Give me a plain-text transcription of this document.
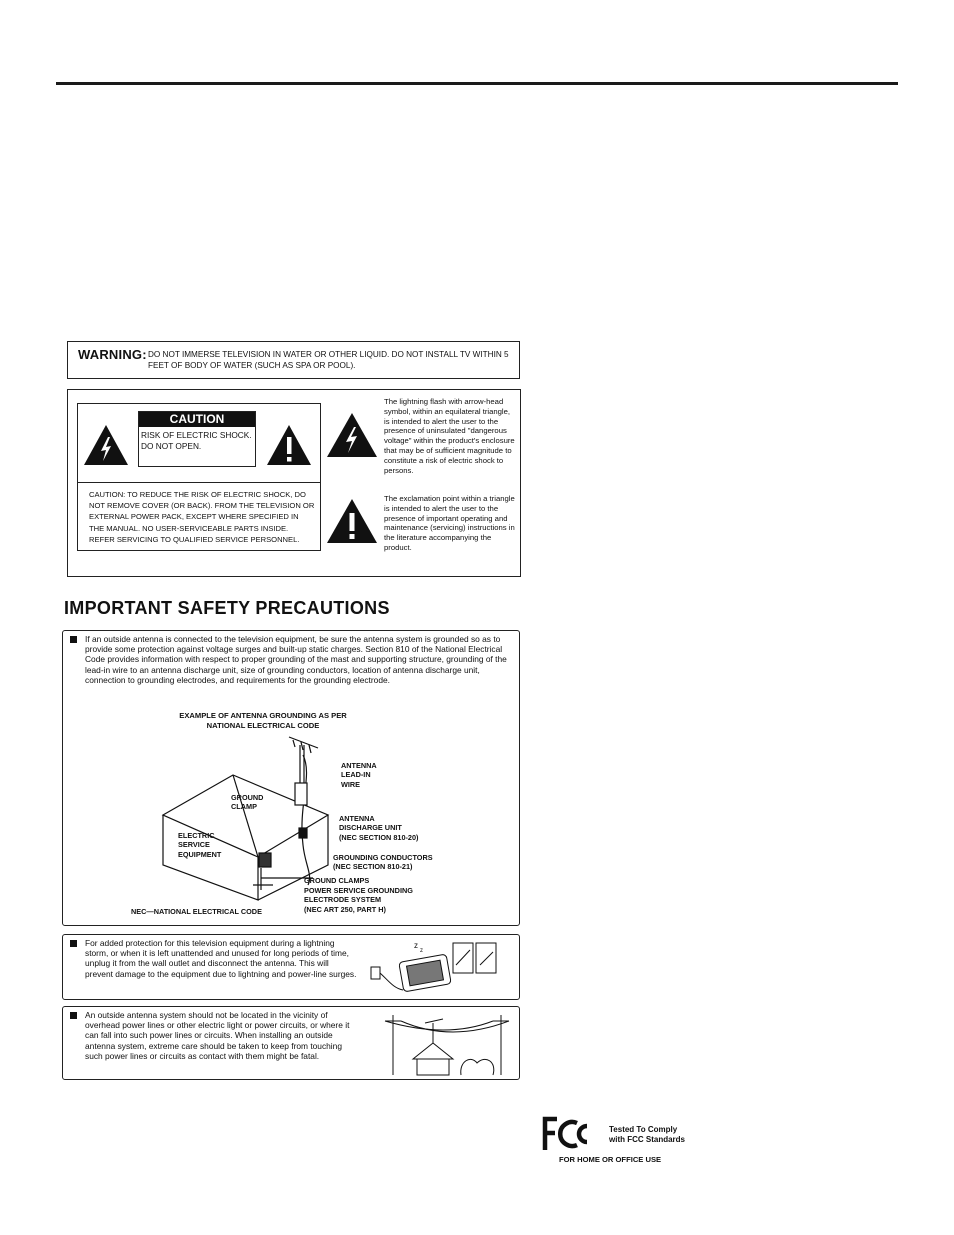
WARNING: DO NOT IMMERSE TELEVISION IN WATER OR OTHER LIQUID. DO NOT INSTALL TV WITHIN 5 FEET OF BODY OF WATER (SUCH AS SPA OR POOL).
CAUTION
RISK OF ELECTRIC SHOCK.
DO NOT OPEN.
CAUTION: TO REDUCE THE RISK OF ELECTRIC SHOCK, DO NOT REMOVE COVER (OR BACK). FROM THE TELEVISION OR EXTERNAL POWER PACK, EXCEPT WHERE SPECIFIED IN THE MANUAL. NO USER-SERVICEABLE PARTS INSIDE. REFER SERVICING TO QUALIFIED SERVICE PERSONNEL.
The lightning flash with arrow-head symbol, within an equilateral triangle, is intended to alert the user to the presence of uninsulated "dangerous voltage" within the product's enclosure that may be of sufficient magnitude to constitute a risk of electric shock to persons.
The exclamation point within a triangle is intended to alert the user to the presence of important operating and maintenance (servicing) instructions in the literature accompanying the product.
IMPORTANT SAFETY PRECAUTIONS
If an outside antenna is connected to the television equipment, be sure the antenna system is grounded so as to provide some protection against voltage surges and built-up static charges. Section 810 of the National Electrical Code provides information with respect to proper grounding of the mast and supporting structure, grounding of the lead-in wire to an antenna discharge unit, size of grounding conductors, location of antenna discharge unit, connection to grounding electrodes, and requirements for the grounding electrode.
EXAMPLE OF ANTENNA GROUNDING AS PER
NATIONAL ELECTRICAL CODE
ANTENNA
LEAD-IN
WIRE
GROUND
CLAMP
ANTENNA
DISCHARGE UNIT
(NEC SECTION 810-20)
ELECTRIC
SERVICE
EQUIPMENT	GROUNDING CONDUCTORS
(NEC SECTION 810-21)
GROUND CLAMPS
POWER SERVICE GROUNDING
ELECTRODE SYSTEM
(NEC ART 250, PART H)
NEC—NATIONAL ELECTRICAL CODE
For added protection for this television equipment during a lightning storm, or when it is left unattended and unused for long periods of time, unplug it from the wall outlet and disconnect the antenna. This will prevent damage to the equipment due to lightning and power-line surges.
z
z
An outside antenna system should not be located in the vicinity of overhead power lines or other electric light or power circuits, or where it can fall into such power lines or circuits. When installing an outside antenna system, extreme care should be taken to keep from touching such power lines or circuits as contact with them might be fatal.
Tested To Comply
with FCC Standards
FOR HOME OR OFFICE USE
